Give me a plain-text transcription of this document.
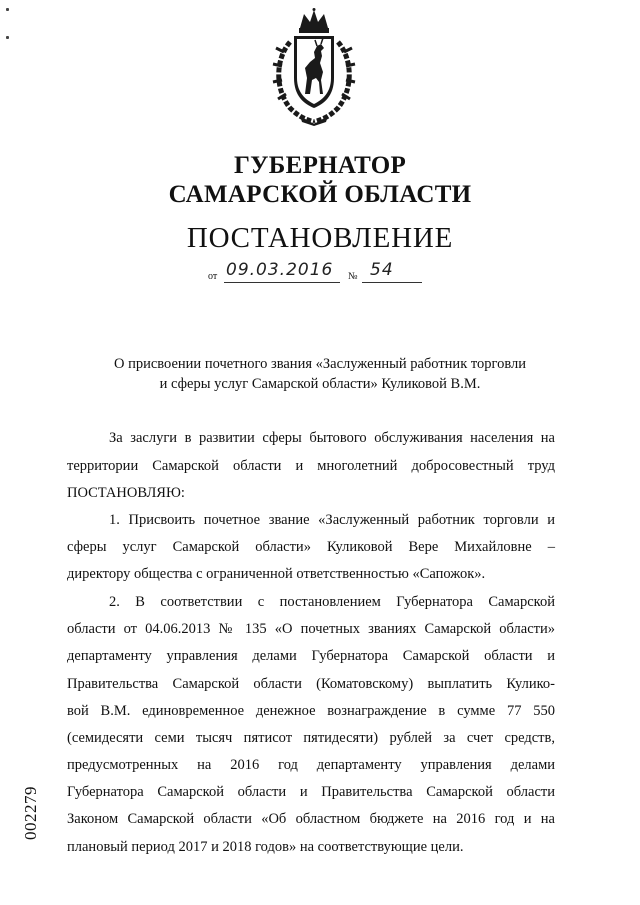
ГУБЕРНАТОР
САМАРСКОЙ ОБЛАСТИ
ПОСТАНОВЛЕНИЕ
от 09.03.2016 № 54
О присвоении почетного звания «Заслуженный работник торговли
и сферы услуг Самарской области» Куликовой В.М.
За заслуги в развитии сферы бытового обслуживания населения на
территории Самарской области и многолетний добросовестный труд
ПОСТАНОВЛЯЮ:
1. Присвоить почетное звание «Заслуженный работник торговли и
сферы услуг Самарской области» Куликовой Вере Михайловне –
директору общества с ограниченной ответственностью «Сапожок».
2. В соответствии с постановлением Губернатора Самарской
области от 04.06.2013 № 135 «О почетных званиях Самарской области»
департаменту управления делами Губернатора Самарской области и
Правительства Самарской области (Коматовскому) выплатить Кулико-
вой В.М. единовременное денежное вознаграждение в сумме 77 550
(семидесяти семи тысяч пятисот пятидесяти) рублей за счет средств,
предусмотренных на 2016 год департаменту управления делами
Губернатора Самарской области и Правительства Самарской области
Законом Самарской области «Об областном бюджете на 2016 год и на
плановый период 2017 и 2018 годов» на соответствующие цели.
002279
